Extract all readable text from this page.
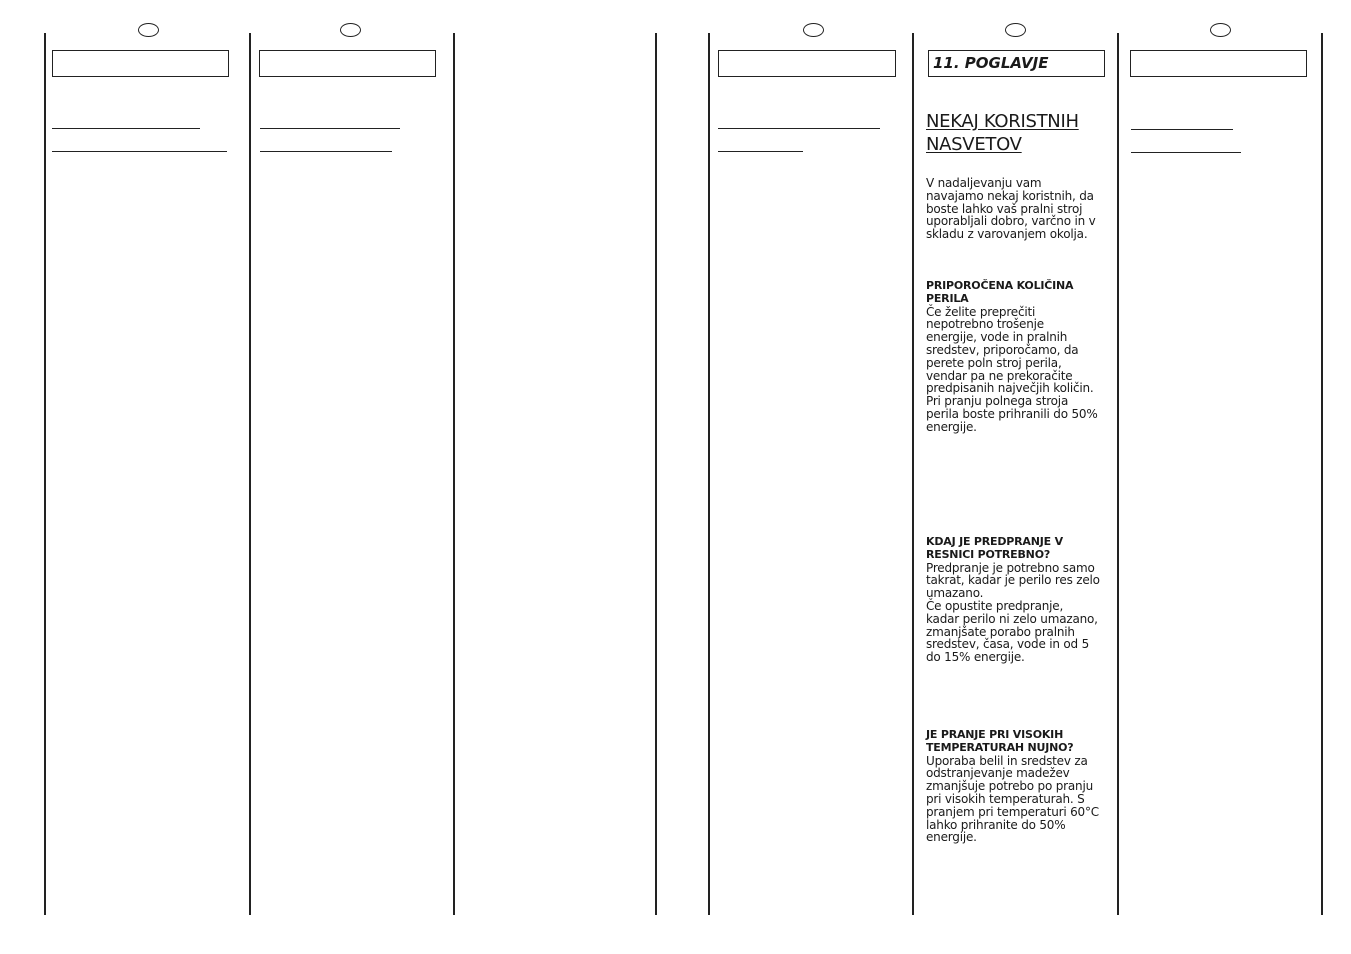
11. POGLAVJE
NEKAJ KORISTNIH
NASVETOV
V nadaljevanju vam
navajamo nekaj koristnih, da
boste lahko vaš pralni stroj
uporabljali dobro, varčno in v
skladu z varovanjem okolja.
PRIPOROČENA KOLIČINA
PERILA
Če želite preprečiti
nepotrebno trošenje
energije, vode in pralnih
sredstev, priporočamo, da
perete poln stroj perila,
vendar pa ne prekoračite
predpisanih največjih količin.
Pri pranju polnega stroja
perila boste prihranili do 50%
energije.
KDAJ JE PREDPRANJE V
RESNICI POTREBNO?
Predpranje je potrebno samo
takrat, kadar je perilo res zelo
umazano.
Če opustite predpranje,
kadar perilo ni zelo umazano,
zmanjšate porabo pralnih
sredstev, časa, vode in od 5
do 15% energije.
JE PRANJE PRI VISOKIH
TEMPERATURAH NUJNO?
Uporaba belil in sredstev za
odstranjevanje madežev
zmanjšuje potrebo po pranju
pri visokih temperaturah. S
pranjem pri temperaturi 60°C
lahko prihranite do 50%
energije.
